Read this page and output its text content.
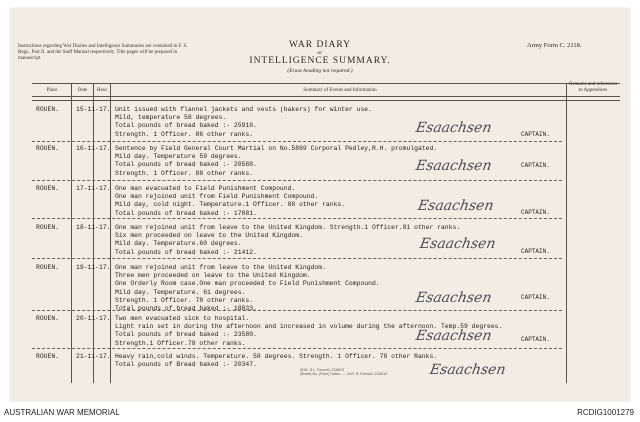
Instructions regarding War Diaries and Intelligence Summaries are contained in F. S. Regs., Part II. and the Staff Manual respectively. Title pages will be prepared in manuscript.
WAR DIARY
or
INTELLIGENCE SUMMARY.
(Erase heading not required.)
Army Form C. 2118.
Place	Date	Hour	Summary of Events and Information
Remarks and references to Appendices
ROUEN.	15-11-17. Unit issued with flannel jackets and vests (bakers) for winter use.
Mild, temperature 58 degrees.
Total pounds of bread baked :- 25910.
Strength. 1 Officer. 86 other ranks.	Esaachsen	CAPTAIN.
ROUEN.	16-11-17. Sentence by Field General Court Martial on No.5869 Corporal Pedley,R.H. promulgated.
Mild day. Temperature 59 degrees.
Total pounds of bread baked :- 20588.
Strength. 1 Officer. 88 other ranks.	Esaachsen	CAPTAIN.
ROUEN.	17-11-17. One man evacuated to Field Punishment Compound.
One man rejoined unit from Field Punishment Compound.
Mild day, cold night. Temperature.1 Officer. 88 other ranks.
Total pounds of bread baked :- 17881.	Esaachsen	CAPTAIN.
ROUEN.	18-11-17. One man rejoined unit from leave to the United Kingdom. Strength.1 Officer.81 other ranks.
Six men proceeded on leave to the United Kingdom.
Mild day. Temperature.60 degrees.
Total pounds of bread baked :- 21412.
Esaachsen	CAPTAIN.
ROUEN.	19-11-17. One man rejoined unit from leave to the United Kingdom.
Three men proceeded on leave to the United Kingdom.
One Orderly Room case.One man proceeded to Field Punishment Compound.
Mild day. Temperature. 61 degrees.
Strength. 1 Officer. 78 other ranks.
Total pounds of bread baked :- 18833.
Esaachsen	CAPTAIN.
ROUEN.	20-11-17. Two men evacuated sick to hospital.
Light rain set in during the afternoon and increased in volume during the afternoon. Temp.59 degrees.
Total pounds of bread baked :- 23580.
Strength.1 Officer.78 other ranks.	Esaachsen	CAPTAIN.
ROUEN.	21-11-17. Heavy rain,cold winds. Temperature. 58 degrees. Strength. 1 Officer. 78 other Ranks.
Total pounds of Bread baked :- 20347.	Esaachsen
W.W.- 8 L. Forms/C.2118/13
(Sheet) No. (Form) Dated ...... M.R. R. Forms/C.2118/13
AUSTRALIAN WAR MEMORIAL	RCDIG1001279
